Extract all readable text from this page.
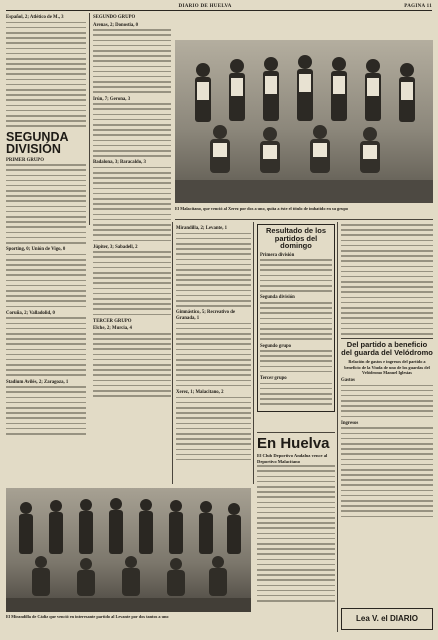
DIARIO DE HUELVA	PAGINA 11
Español, 2; Atlético de M., 3
SEGUNDA DIVISIÓN
PRIMER GRUPO
Sporting, 0; Unión de Vigo, 0
Coruña, 2; Valladolid, 0
Stadium Avilés, 2; Zaragoza, 1
SEGUNDO GRUPO
Arenas, 2; Donostia, 0
Irún, 7; Gerona, 3
Badalona, 3; Baracaldo, 3
Júpiter, 3; Sabadell, 2
TERCER GRUPO
Elche, 2; Murcia, 4
El Malacitano, que venció al Xerez por dos a uno, quita a éste el título de imbatido en su grupo
Mirandilla, 2; Levante, 1
Gimnástico, 5; Recreativo de Granada, 1
Xerez, 1; Malacitano, 2
Resultado de los partidos del domingo
Primera división
Segunda división
Segundo grupo
Tercer grupo
Del partido a beneficio del guarda del Velódromo
Relación de gastos e ingresos del partido a beneficio de la Viuda de uno de los guardas del Velódromo Manuel Iglesias
Gastos
Ingresos
Lea V. el DIARIO
En Huelva
El Club Deportivo Andaluz vence al Deportivo Malacitano
El Mirandilla de Cádiz que venció en interesante partido al Levante por dos tantos a uno
